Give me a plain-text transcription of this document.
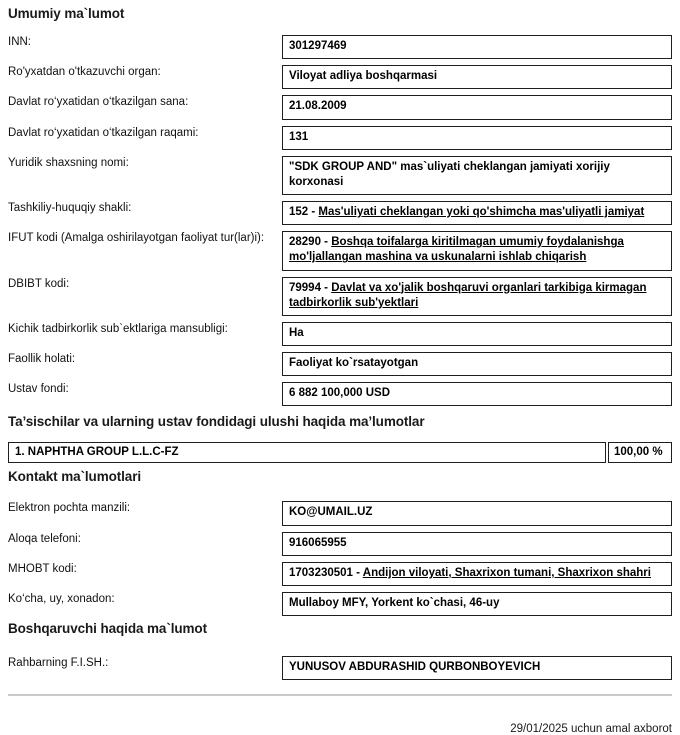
Umumiy ma`lumot
INN:	301297469
Ro'yxatdan o'tkazuvchi organ:	Viloyat adliya boshqarmasi
Davlat ro‘yxatidan o‘tkazilgan sana:	21.08.2009
Davlat ro‘yxatidan o‘tkazilgan raqami:	131
Yuridik shaxsning nomi:	"SDK GROUP AND" mas`uliyati cheklangan jamiyati xorijiy korxonasi
Tashkiliy-huquqiy shakli:	152 - Mas'uliyati cheklangan yoki qo'shimcha mas'uliyatli jamiyat
IFUT kodi (Amalga oshirilayotgan faoliyat tur(lar)i):	28290 - Boshqa toifalarga kiritilmagan umumiy foydalanishga mo'ljallangan mashina va uskunalarni ishlab chiqarish
DBIBT kodi:	79994 - Davlat va xo'jalik boshqaruvi organlari tarkibiga kirmagan tadbirkorlik sub'yektlari
Kichik tadbirkorlik sub`ektlariga mansubligi:	Ha
Faollik holati:	Faoliyat ko`rsatayotgan
Ustav fondi:	6 882 100,000 USD
Ta’sischilar va ularning ustav fondidagi ulushi haqida ma’lumotlar
1. NAPHTHA GROUP L.L.C-FZ	100,00 %
Kontakt ma`lumotlari
Elektron pochta manzili:	KO@UMAIL.UZ
Aloqa telefoni:	916065955
MHOBT kodi:	1703230501 - Andijon viloyati, Shaxrixon tumani, Shaxrixon shahri
Ko‘cha, uy, xonadon:	Mullaboy MFY, Yorkent ko`chasi, 46-uy
Boshqaruvchi haqida ma`lumot
Rahbarning F.I.SH.:	YUNUSOV ABDURASHID QURBONBOYEVICH
29/01/2025 uchun amal axborot
